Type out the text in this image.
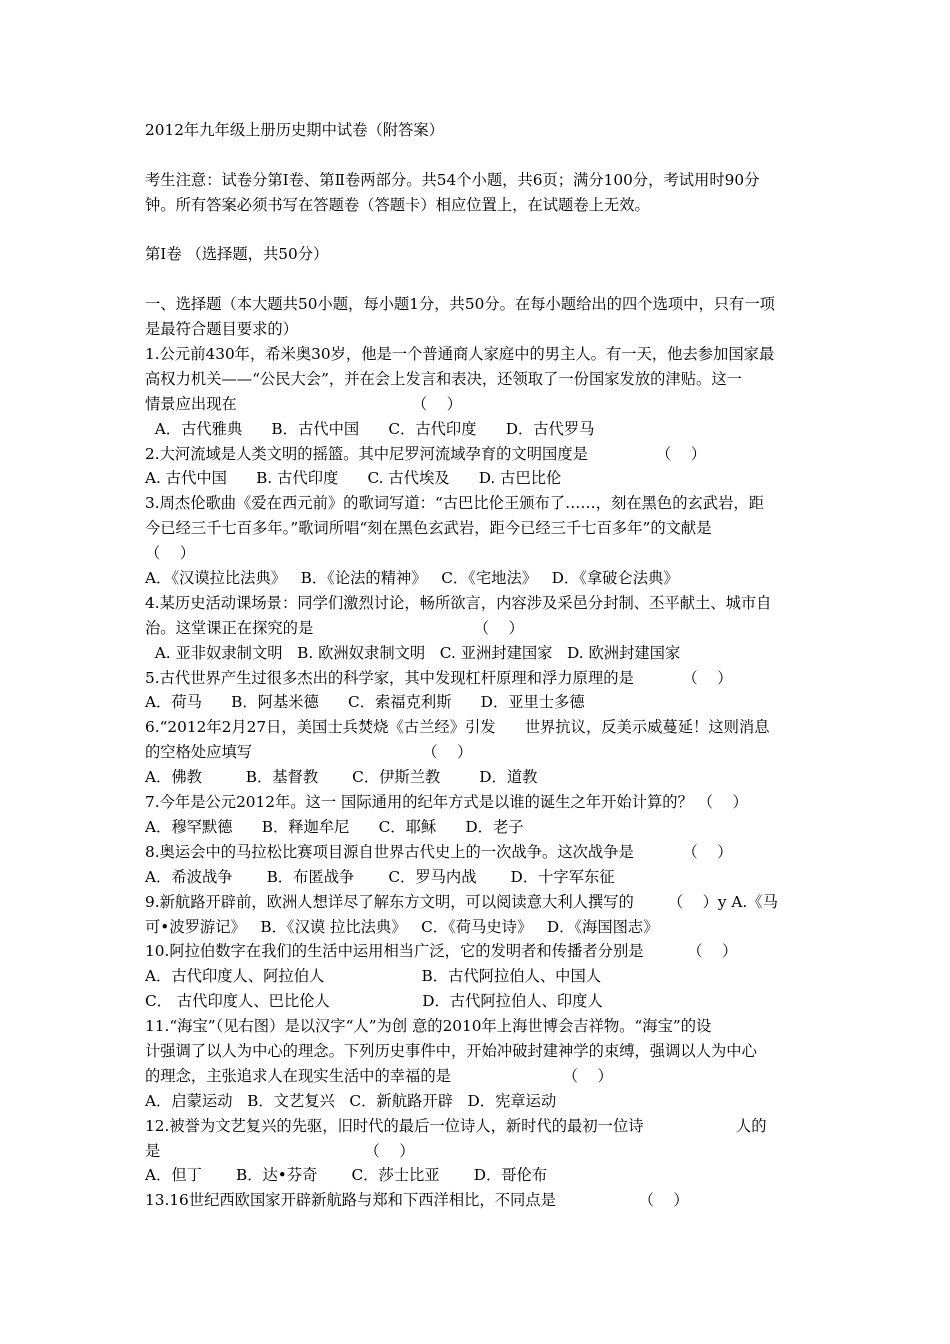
2012年九年级上册历史期中试卷（附答案）
考生注意：试卷分第Ⅰ卷、第Ⅱ卷两部分。共54个小题，共6页；满分100分，考试用时90分
钟。所有答案必须书写在答题卷（答题卡）相应位置上，在试题卷上无效。
第Ⅰ卷 （选择题，共50分）
一、选择题（本大题共50小题，每小题1分，共50分。在每小题给出的四个选项中，只有一项
是最符合题目要求的）
1.公元前430年，希米奥30岁，他是一个普通商人家庭中的男主人。有一天，他去参加国家最
高权力机关——“公民大会”，并在会上发言和表决，还领取了一份国家发放的津贴。这一
情景应出现在                                    （    ）
A．古代雅典      B．古代中国      C．古代印度      D．古代罗马
2.大河流域是人类文明的摇篮。其中尼罗河流域孕育的文明国度是              （    ）
A. 古代中国      B. 古代印度      C. 古代埃及      D. 古巴比伦
3.周杰伦歌曲《爱在西元前》的歌词写道：“古巴比伦王颁布了……，刻在黑色的玄武岩，距
今已经三千七百多年。”歌词所唱“刻在黑色玄武岩，距今已经三千七百多年”的文献是
（    ）
A．《汉谟拉比法典》   B．《论法的精神》   C．《宅地法》   D．《拿破仑法典》
4.某历史活动课场景：同学们激烈讨论，畅所欲言，内容涉及采邑分封制、丕平献土、城市自
治。这堂课正在探究的是                                 （    ）
A. 亚非奴隶制文明   B. 欧洲奴隶制文明   C. 亚洲封建国家   D. 欧洲封建国家
5.古代世界产生过很多杰出的科学家，其中发现杠杆原理和浮力原理的是          （    ）
A．荷马      B．阿基米德      C．索福克利斯      D．亚里士多德
6.“2012年2月27日，美国士兵焚烧《古兰经》引发      世界抗议，反美示威蔓延！这则消息
的空格处应填写                                   （    ）
A．佛教         B．基督教       C．伊斯兰教        D．道教
7.今年是公元2012年。这一 国际通用的纪年方式是以谁的诞生之年开始计算的？ （    ）
A．穆罕默德      B．释迦牟尼      C．耶稣      D．老子
8.奥运会中的马拉松比赛项目源自世界古代史上的一次战争。这次战争是          （    ）
A．希波战争       B．布匿战争       C．罗马内战       D．十字军东征
9.新航路开辟前，欧洲人想详尽了解东方文明，可以阅读意大利人撰写的       （    ）y A.《马
可•波罗游记》   B．《汉谟 拉比法典》   C．《荷马史诗》   D．《海国图志》
10.阿拉伯数字在我们的生活中运用相当广泛，它的发明者和传播者分别是         （    ）
A．古代印度人、阿拉伯人                    B．古代阿拉伯人、中国人
C． 古代印度人、巴比伦人                   D．古代阿拉伯人、印度人
11.“海宝”（见右图）是以汉字“人”为创 意的2010年上海世博会吉祥物。“海宝”的设
计强调了以人为中心的理念。下列历史事件中，开始冲破封建神学的束缚，强调以人为中心
的理念，主张追求人在现实生活中的幸福的是                       （    ）
A．启蒙运动   B．文艺复兴   C．新航路开辟   D．宪章运动
12.被誉为文艺复兴的先驱，旧时代的最后一位诗人，新时代的最初一位诗                   人的
是                                          （    ）
A．但丁       B．达•芬奇       C．莎士比亚       D．哥伦布
13.16世纪西欧国家开辟新航路与郑和下西洋相比，不同点是                 （    ）
